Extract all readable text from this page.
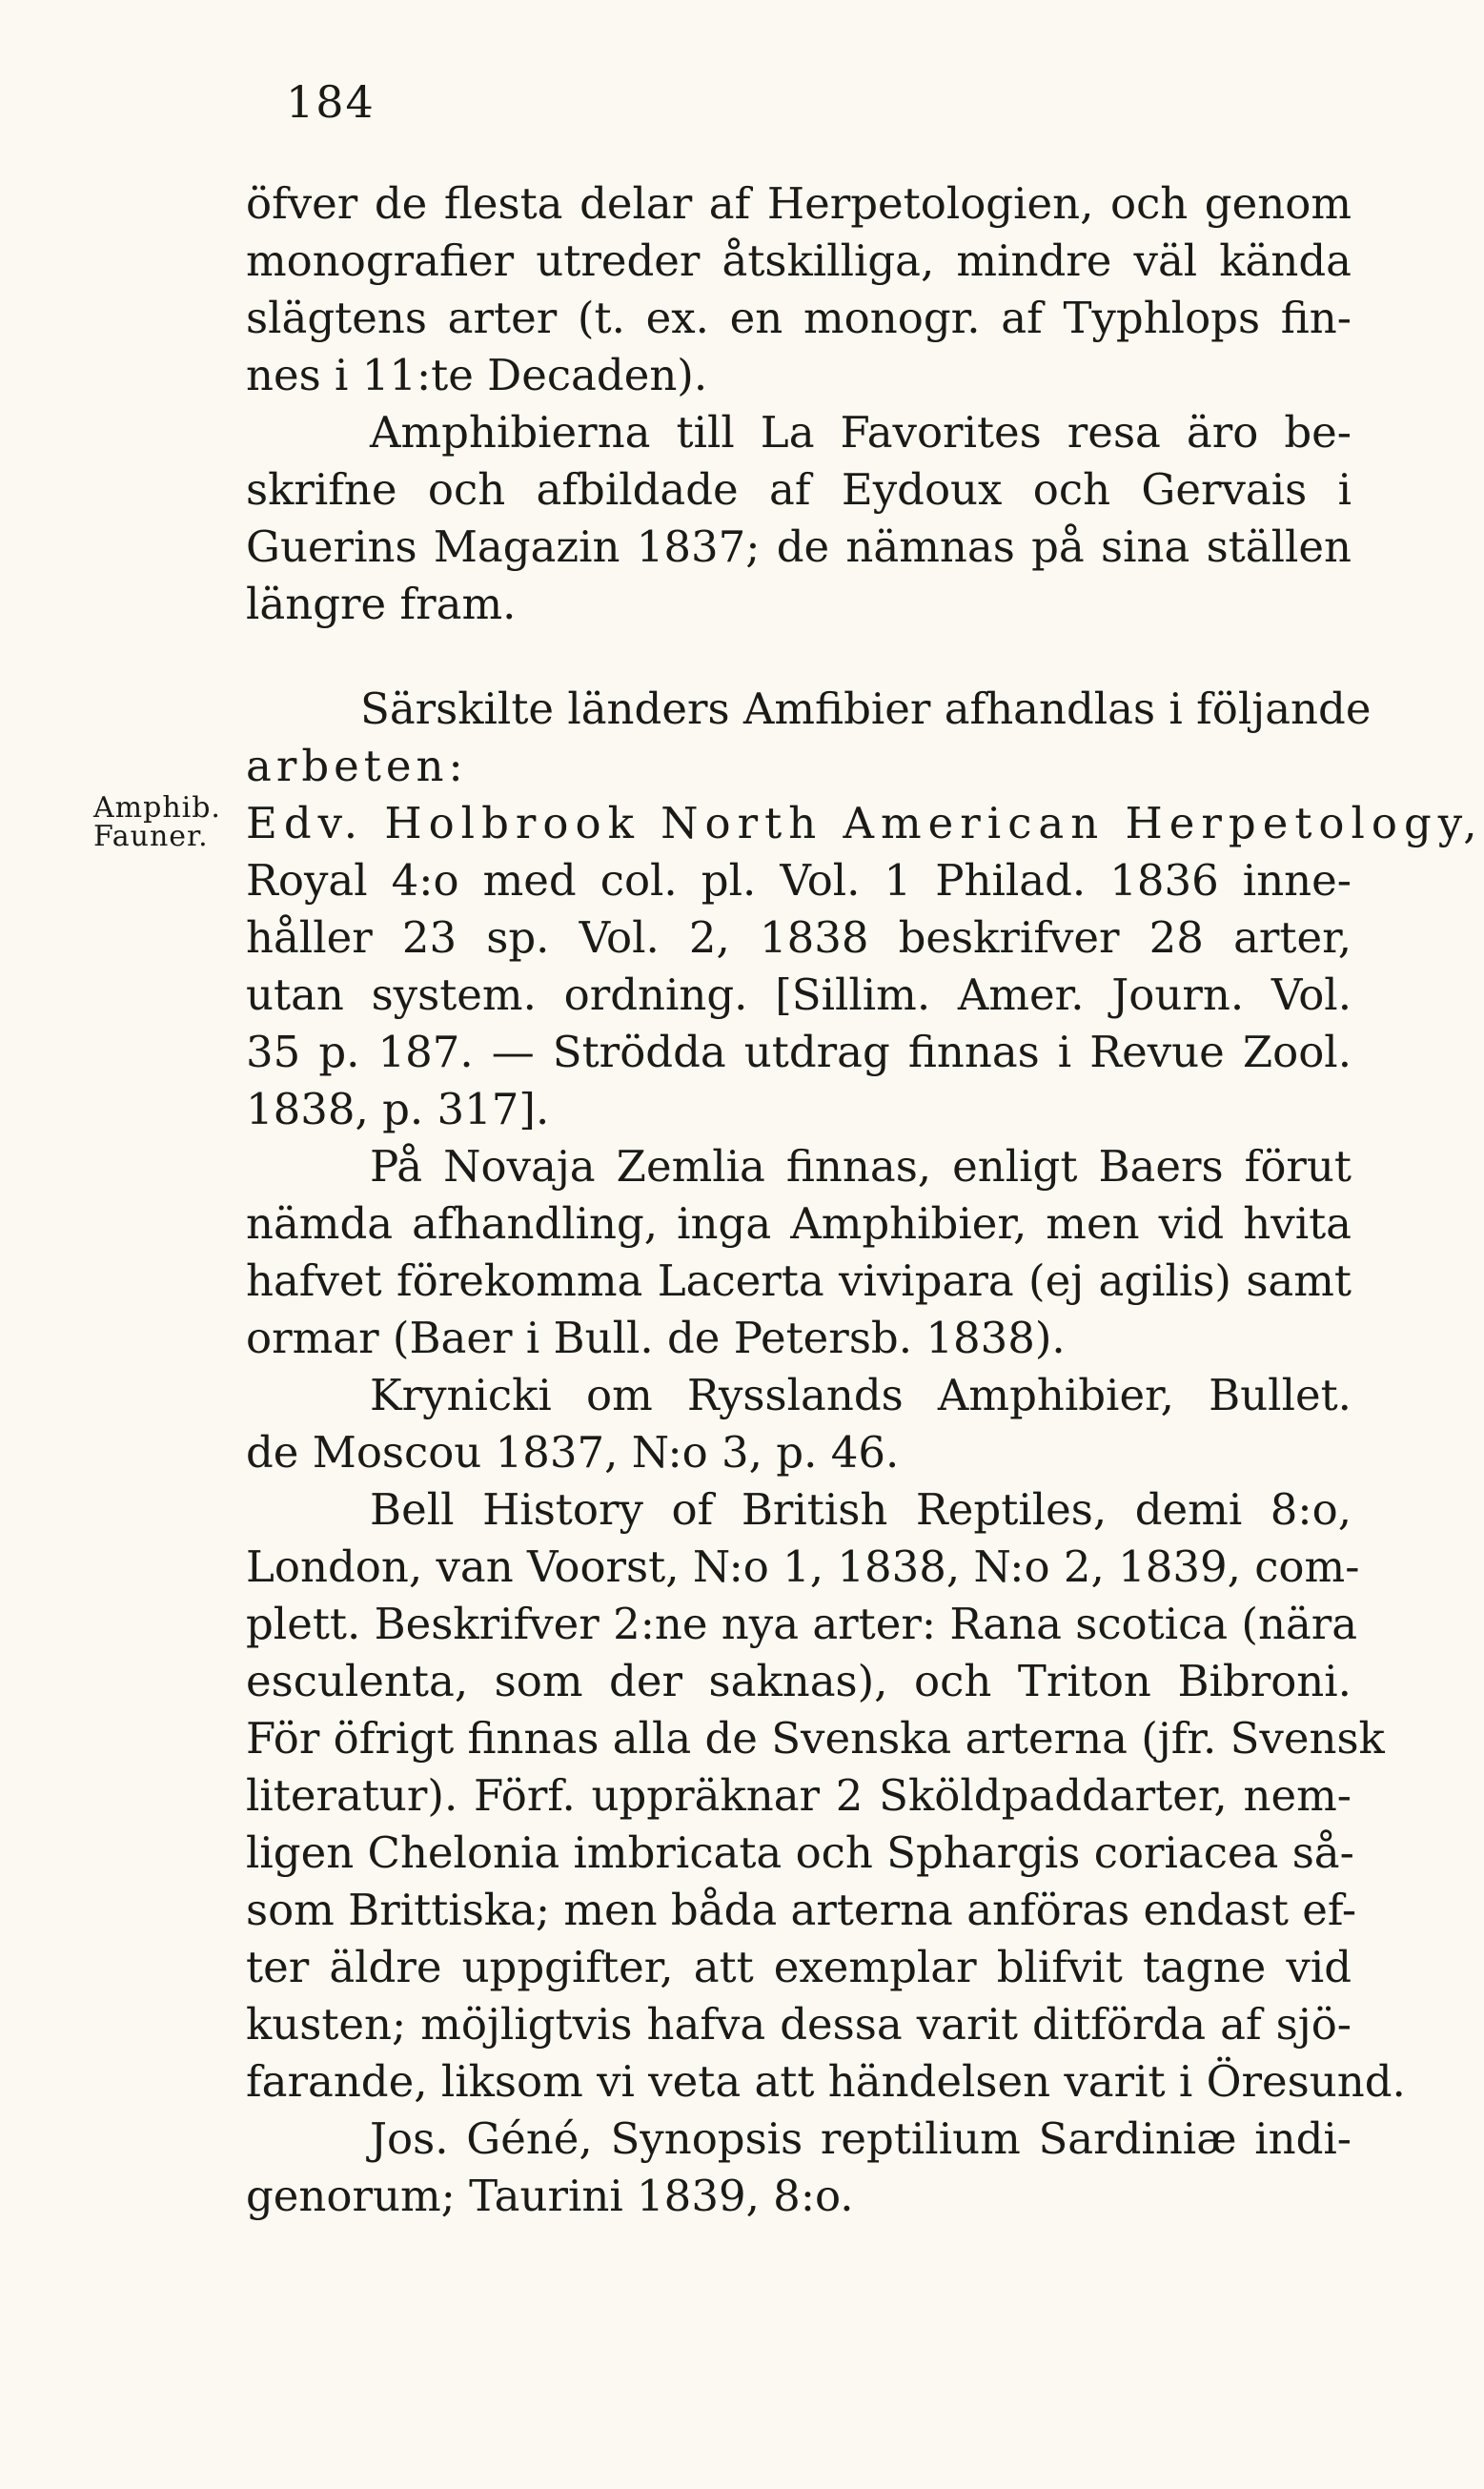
184
Amphib.
Fauner.
öfver de flesta delar af Herpetologien, och genom
monografier utreder åtskilliga, mindre väl kända
slägtens arter (t. ex. en monogr. af Typhlops fin-
nes i 11:te Decaden).
Amphibierna till La Favorites resa äro be-
skrifne och afbildade af Eydoux och Gervais i
Guerins Magazin 1837; de nämnas på sina ställen
längre fram.
Särskilte länders Amfibier afhandlas i följande
arbeten:
Edv. Holbrook North American Herpetology,
Royal 4:o med col. pl. Vol. 1 Philad. 1836 inne-
håller 23 sp. Vol. 2, 1838 beskrifver 28 arter,
utan system. ordning. [Sillim. Amer. Journ. Vol.
35 p. 187. — Strödda utdrag finnas i Revue Zool.
1838, p. 317].
På Novaja Zemlia finnas, enligt Baers förut
nämda afhandling, inga Amphibier, men vid hvita
hafvet förekomma Lacerta vivipara (ej agilis) samt
ormar (Baer i Bull. de Petersb. 1838).
Krynicki om Rysslands Amphibier, Bullet.
de Moscou 1837, N:o 3, p. 46.
Bell History of British Reptiles, demi 8:o,
London, van Voorst, N:o 1, 1838, N:o 2, 1839, com-
plett. Beskrifver 2:ne nya arter: Rana scotica (nära
esculenta, som der saknas), och Triton Bibroni.
För öfrigt finnas alla de Svenska arterna (jfr. Svensk
literatur). Förf. uppräknar 2 Sköldpaddarter, nem-
ligen Chelonia imbricata och Sphargis coriacea så-
som Brittiska; men båda arterna anföras endast ef-
ter äldre uppgifter, att exemplar blifvit tagne vid
kusten; möjligtvis hafva dessa varit ditförda af sjö-
farande, liksom vi veta att händelsen varit i Öresund.
Jos. Géné, Synopsis reptilium Sardiniæ indi-
genorum; Taurini 1839, 8:o.
